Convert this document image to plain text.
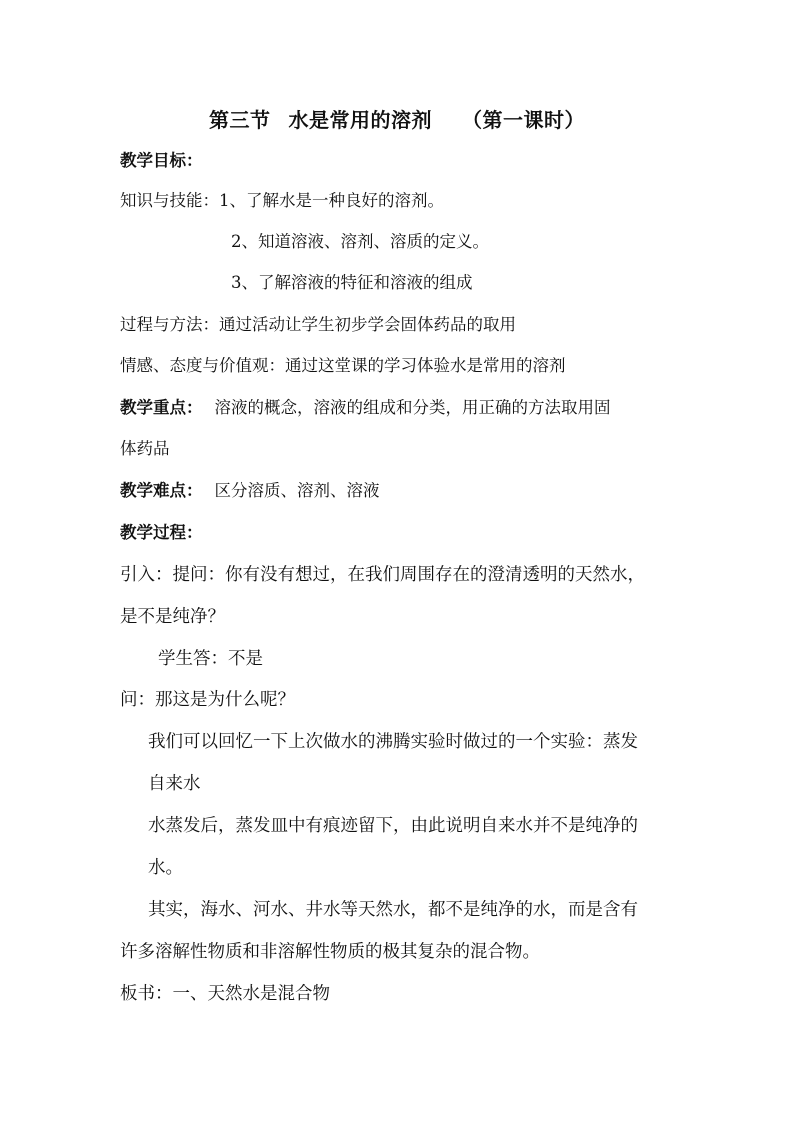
第三节 水是常用的溶剂 （第一课时）
教学目标：
知识与技能：1、了解水是一种良好的溶剂。
2、知道溶液、溶剂、溶质的定义。
3、了解溶液的特征和溶液的组成
过程与方法：通过活动让学生初步学会固体药品的取用
情感、态度与价值观：通过这堂课的学习体验水是常用的溶剂
教学重点： 溶液的概念，溶液的组成和分类，用正确的方法取用固
体药品
教学难点： 区分溶质、溶剂、溶液
教学过程：
引入：提问：你有没有想过，在我们周围存在的澄清透明的天然水，
是不是纯净？
学生答：不是
问：那这是为什么呢？
我们可以回忆一下上次做水的沸腾实验时做过的一个实验：蒸发
自来水
水蒸发后，蒸发皿中有痕迹留下，由此说明自来水并不是纯净的
水。
其实，海水、河水、井水等天然水，都不是纯净的水，而是含有
许多溶解性物质和非溶解性物质的极其复杂的混合物。
板书：一、天然水是混合物
